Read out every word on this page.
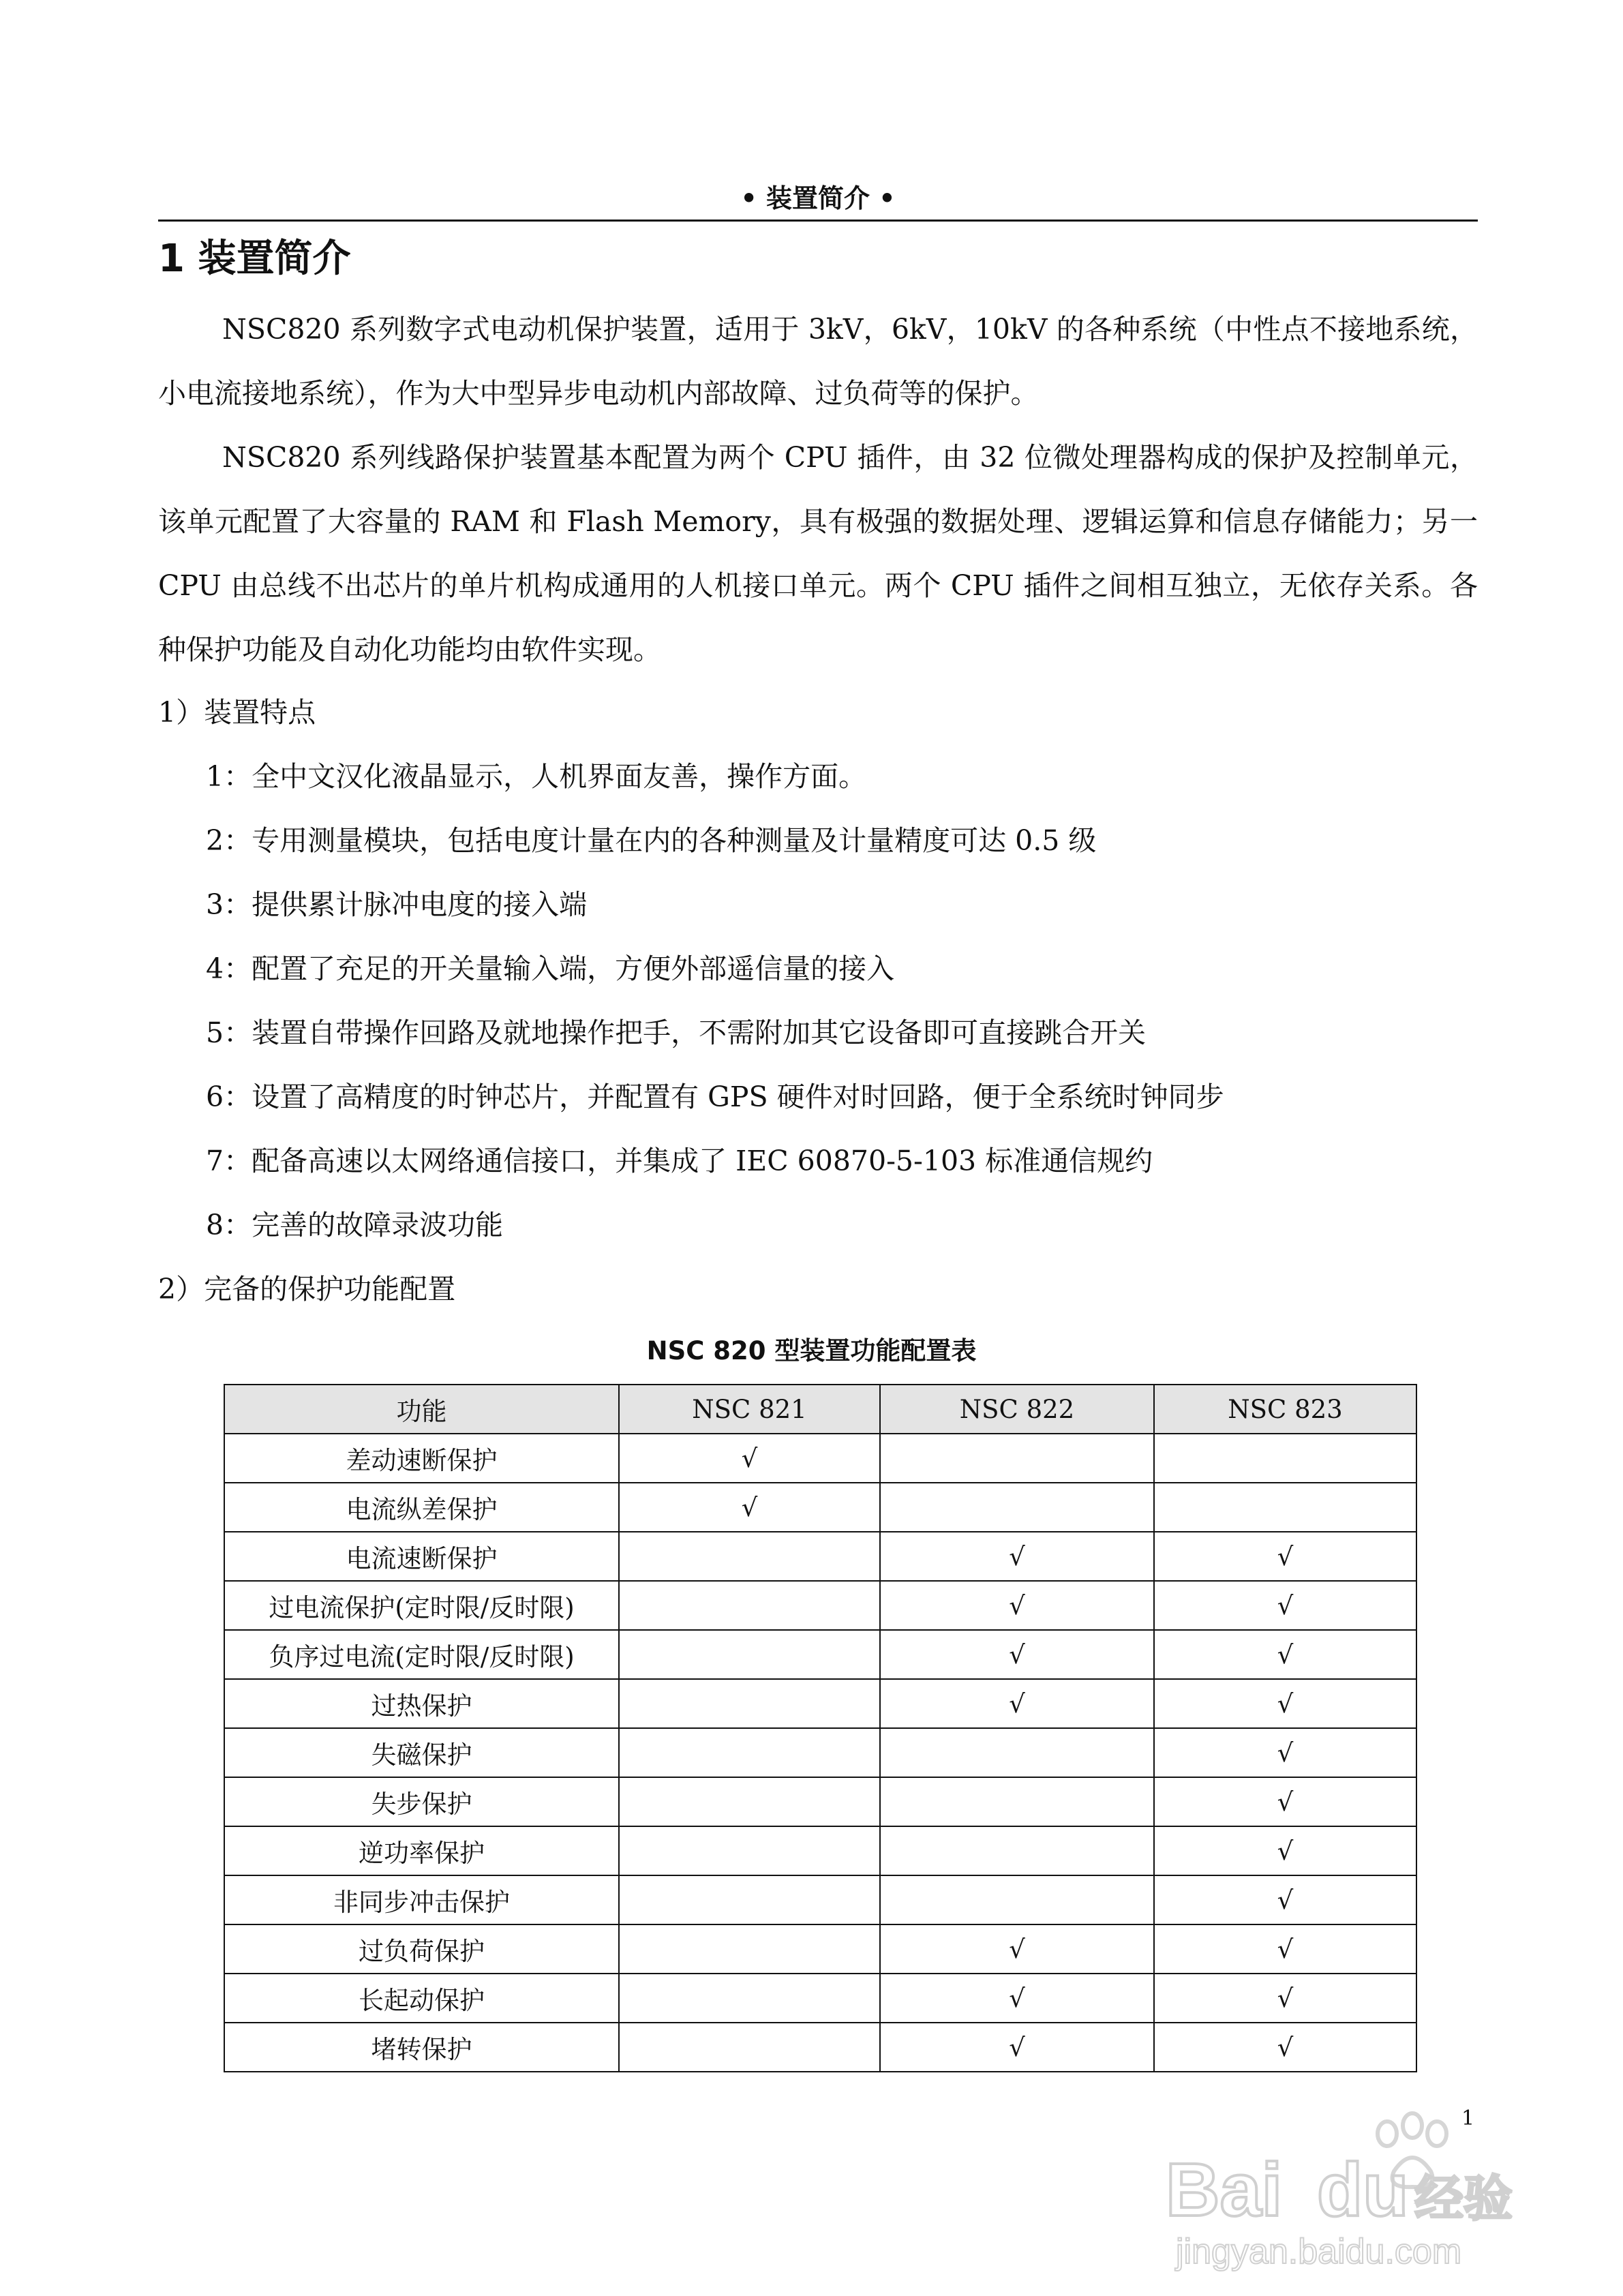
• 装置简介 •
1 装置简介
NSC820 系列数字式电动机保护装置，适用于 3kV，6kV，10kV 的各种系统（中性点不接地系统，小电流接地系统），作为大中型异步电动机内部故障、过负荷等的保护。
NSC820 系列线路保护装置基本配置为两个 CPU 插件，由 32 位微处理器构成的保护及控制单元，该单元配置了大容量的 RAM 和 Flash Memory，具有极强的数据处理、逻辑运算和信息存储能力；另一 CPU 由总线不出芯片的单片机构成通用的人机接口单元。两个 CPU 插件之间相互独立，无依存关系。各种保护功能及自动化功能均由软件实现。
1）装置特点
1：全中文汉化液晶显示，人机界面友善，操作方面。
2：专用测量模块，包括电度计量在内的各种测量及计量精度可达 0.5 级
3：提供累计脉冲电度的接入端
4：配置了充足的开关量输入端，方便外部遥信量的接入
5：装置自带操作回路及就地操作把手，不需附加其它设备即可直接跳合开关
6：设置了高精度的时钟芯片，并配置有 GPS 硬件对时回路，便于全系统时钟同步
7：配备高速以太网络通信接口，并集成了 IEC 60870-5-103 标准通信规约
8：完善的故障录波功能
2）完备的保护功能配置
NSC 820 型装置功能配置表
功能	NSC 821	NSC 822	NSC 823
差动速断保护	√		
电流纵差保护	√		
电流速断保护		√	√
过电流保护(定时限/反时限)		√	√
负序过电流(定时限/反时限)		√	√
过热保护		√	√
失磁保护			√
失步保护			√
逆功率保护			√
非同步冲击保护			√
过负荷保护		√	√
长起动保护		√	√
堵转保护		√	√
1
Bai du 经验
jingyan.baidu.com
